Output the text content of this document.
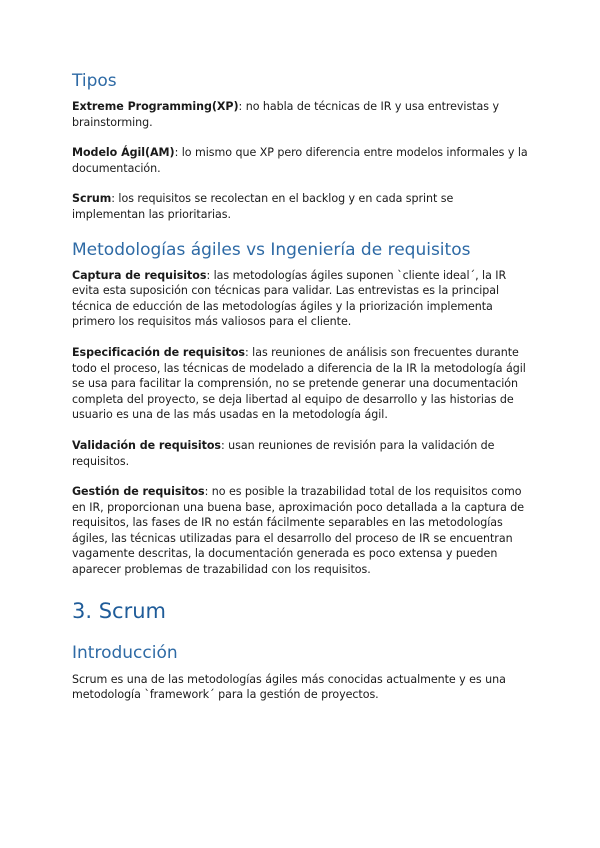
Tipos

Extreme Programming(XP): no habla de técnicas de IR y usa entrevistas y brainstorming.

Modelo Ágil(AM): lo mismo que XP pero diferencia entre modelos informales y la documentación.

Scrum: los requisitos se recolectan en el backlog y en cada sprint se implementan las prioritarias.

Metodologías ágiles vs Ingeniería de requisitos

Captura de requisitos: las metodologías ágiles suponen `cliente ideal´, la IR evita esta suposición con técnicas para validar. Las entrevistas es la principal técnica de educción de las metodologías ágiles y la priorización implementa primero los requisitos más valiosos para el cliente.

Especificación de requisitos: las reuniones de análisis son frecuentes durante todo el proceso, las técnicas de modelado a diferencia de la IR la metodología ágil se usa para facilitar la comprensión, no se pretende generar una documentación completa del proyecto, se deja libertad al equipo de desarrollo y las historias de usuario es una de las más usadas en la metodología ágil.

Validación de requisitos: usan reuniones de revisión para la validación de requisitos.

Gestión de requisitos: no es posible la trazabilidad total de los requisitos como en IR, proporcionan una buena base, aproximación poco detallada a la captura de requisitos, las fases de IR no están fácilmente separables en las metodologías ágiles, las técnicas utilizadas para el desarrollo del proceso de IR se encuentran vagamente descritas, la documentación generada es poco extensa y pueden aparecer problemas de trazabilidad con los requisitos.

3. Scrum
Introducción

Scrum es una de las metodologías ágiles más conocidas actualmente y es una metodología `framework´ para la gestión de proyectos.
